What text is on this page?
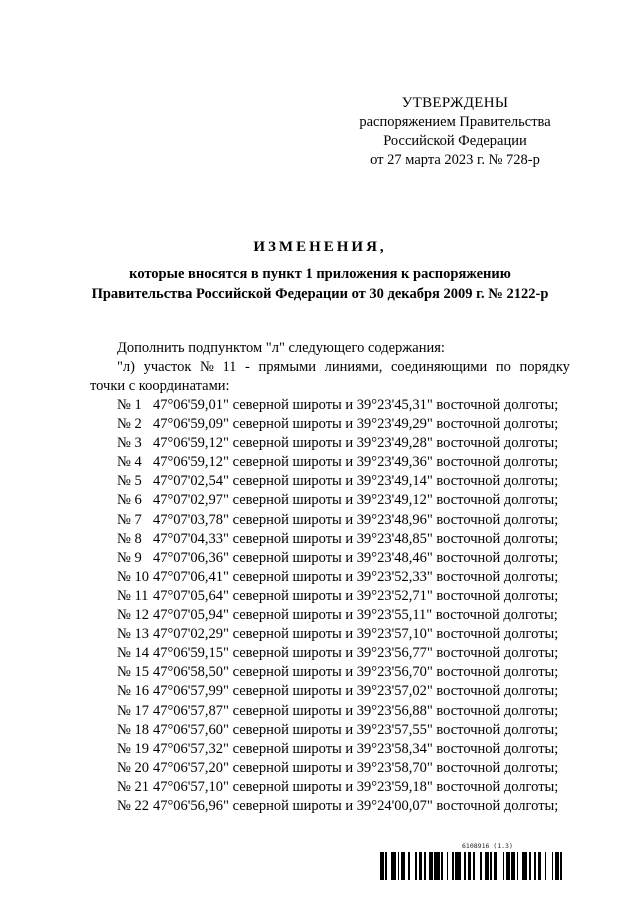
УТВЕРЖДЕНЫ
распоряжением Правительства
Российской Федерации
от 27 марта 2023 г. № 728-р
ИЗМЕНЕНИЯ,
которые вносятся в пункт 1 приложения к распоряжению
Правительства Российской Федерации от 30 декабря 2009 г. № 2122-р
Дополнить подпунктом "л" следующего содержания:
"л) участок № 11 - прямыми линиями, соединяющими по порядку
точки с координатами:
№ 1 47°06'59,01" северной широты и 39°23'45,31" восточной долготы;
№ 2 47°06'59,09" северной широты и 39°23'49,29" восточной долготы;
№ 3 47°06'59,12" северной широты и 39°23'49,28" восточной долготы;
№ 4 47°06'59,12" северной широты и 39°23'49,36" восточной долготы;
№ 5 47°07'02,54" северной широты и 39°23'49,14" восточной долготы;
№ 6 47°07'02,97" северной широты и 39°23'49,12" восточной долготы;
№ 7 47°07'03,78" северной широты и 39°23'48,96" восточной долготы;
№ 8 47°07'04,33" северной широты и 39°23'48,85" восточной долготы;
№ 9 47°07'06,36" северной широты и 39°23'48,46" восточной долготы;
№ 10 47°07'06,41" северной широты и 39°23'52,33" восточной долготы;
№ 11 47°07'05,64" северной широты и 39°23'52,71" восточной долготы;
№ 12 47°07'05,94" северной широты и 39°23'55,11" восточной долготы;
№ 13 47°07'02,29" северной широты и 39°23'57,10" восточной долготы;
№ 14 47°06'59,15" северной широты и 39°23'56,77" восточной долготы;
№ 15 47°06'58,50" северной широты и 39°23'56,70" восточной долготы;
№ 16 47°06'57,99" северной широты и 39°23'57,02" восточной долготы;
№ 17 47°06'57,87" северной широты и 39°23'56,88" восточной долготы;
№ 18 47°06'57,60" северной широты и 39°23'57,55" восточной долготы;
№ 19 47°06'57,32" северной широты и 39°23'58,34" восточной долготы;
№ 20 47°06'57,20" северной широты и 39°23'58,70" восточной долготы;
№ 21 47°06'57,10" северной широты и 39°23'59,18" восточной долготы;
№ 22 47°06'56,96" северной широты и 39°24'00,07" восточной долготы;
6108916 (1.3)
